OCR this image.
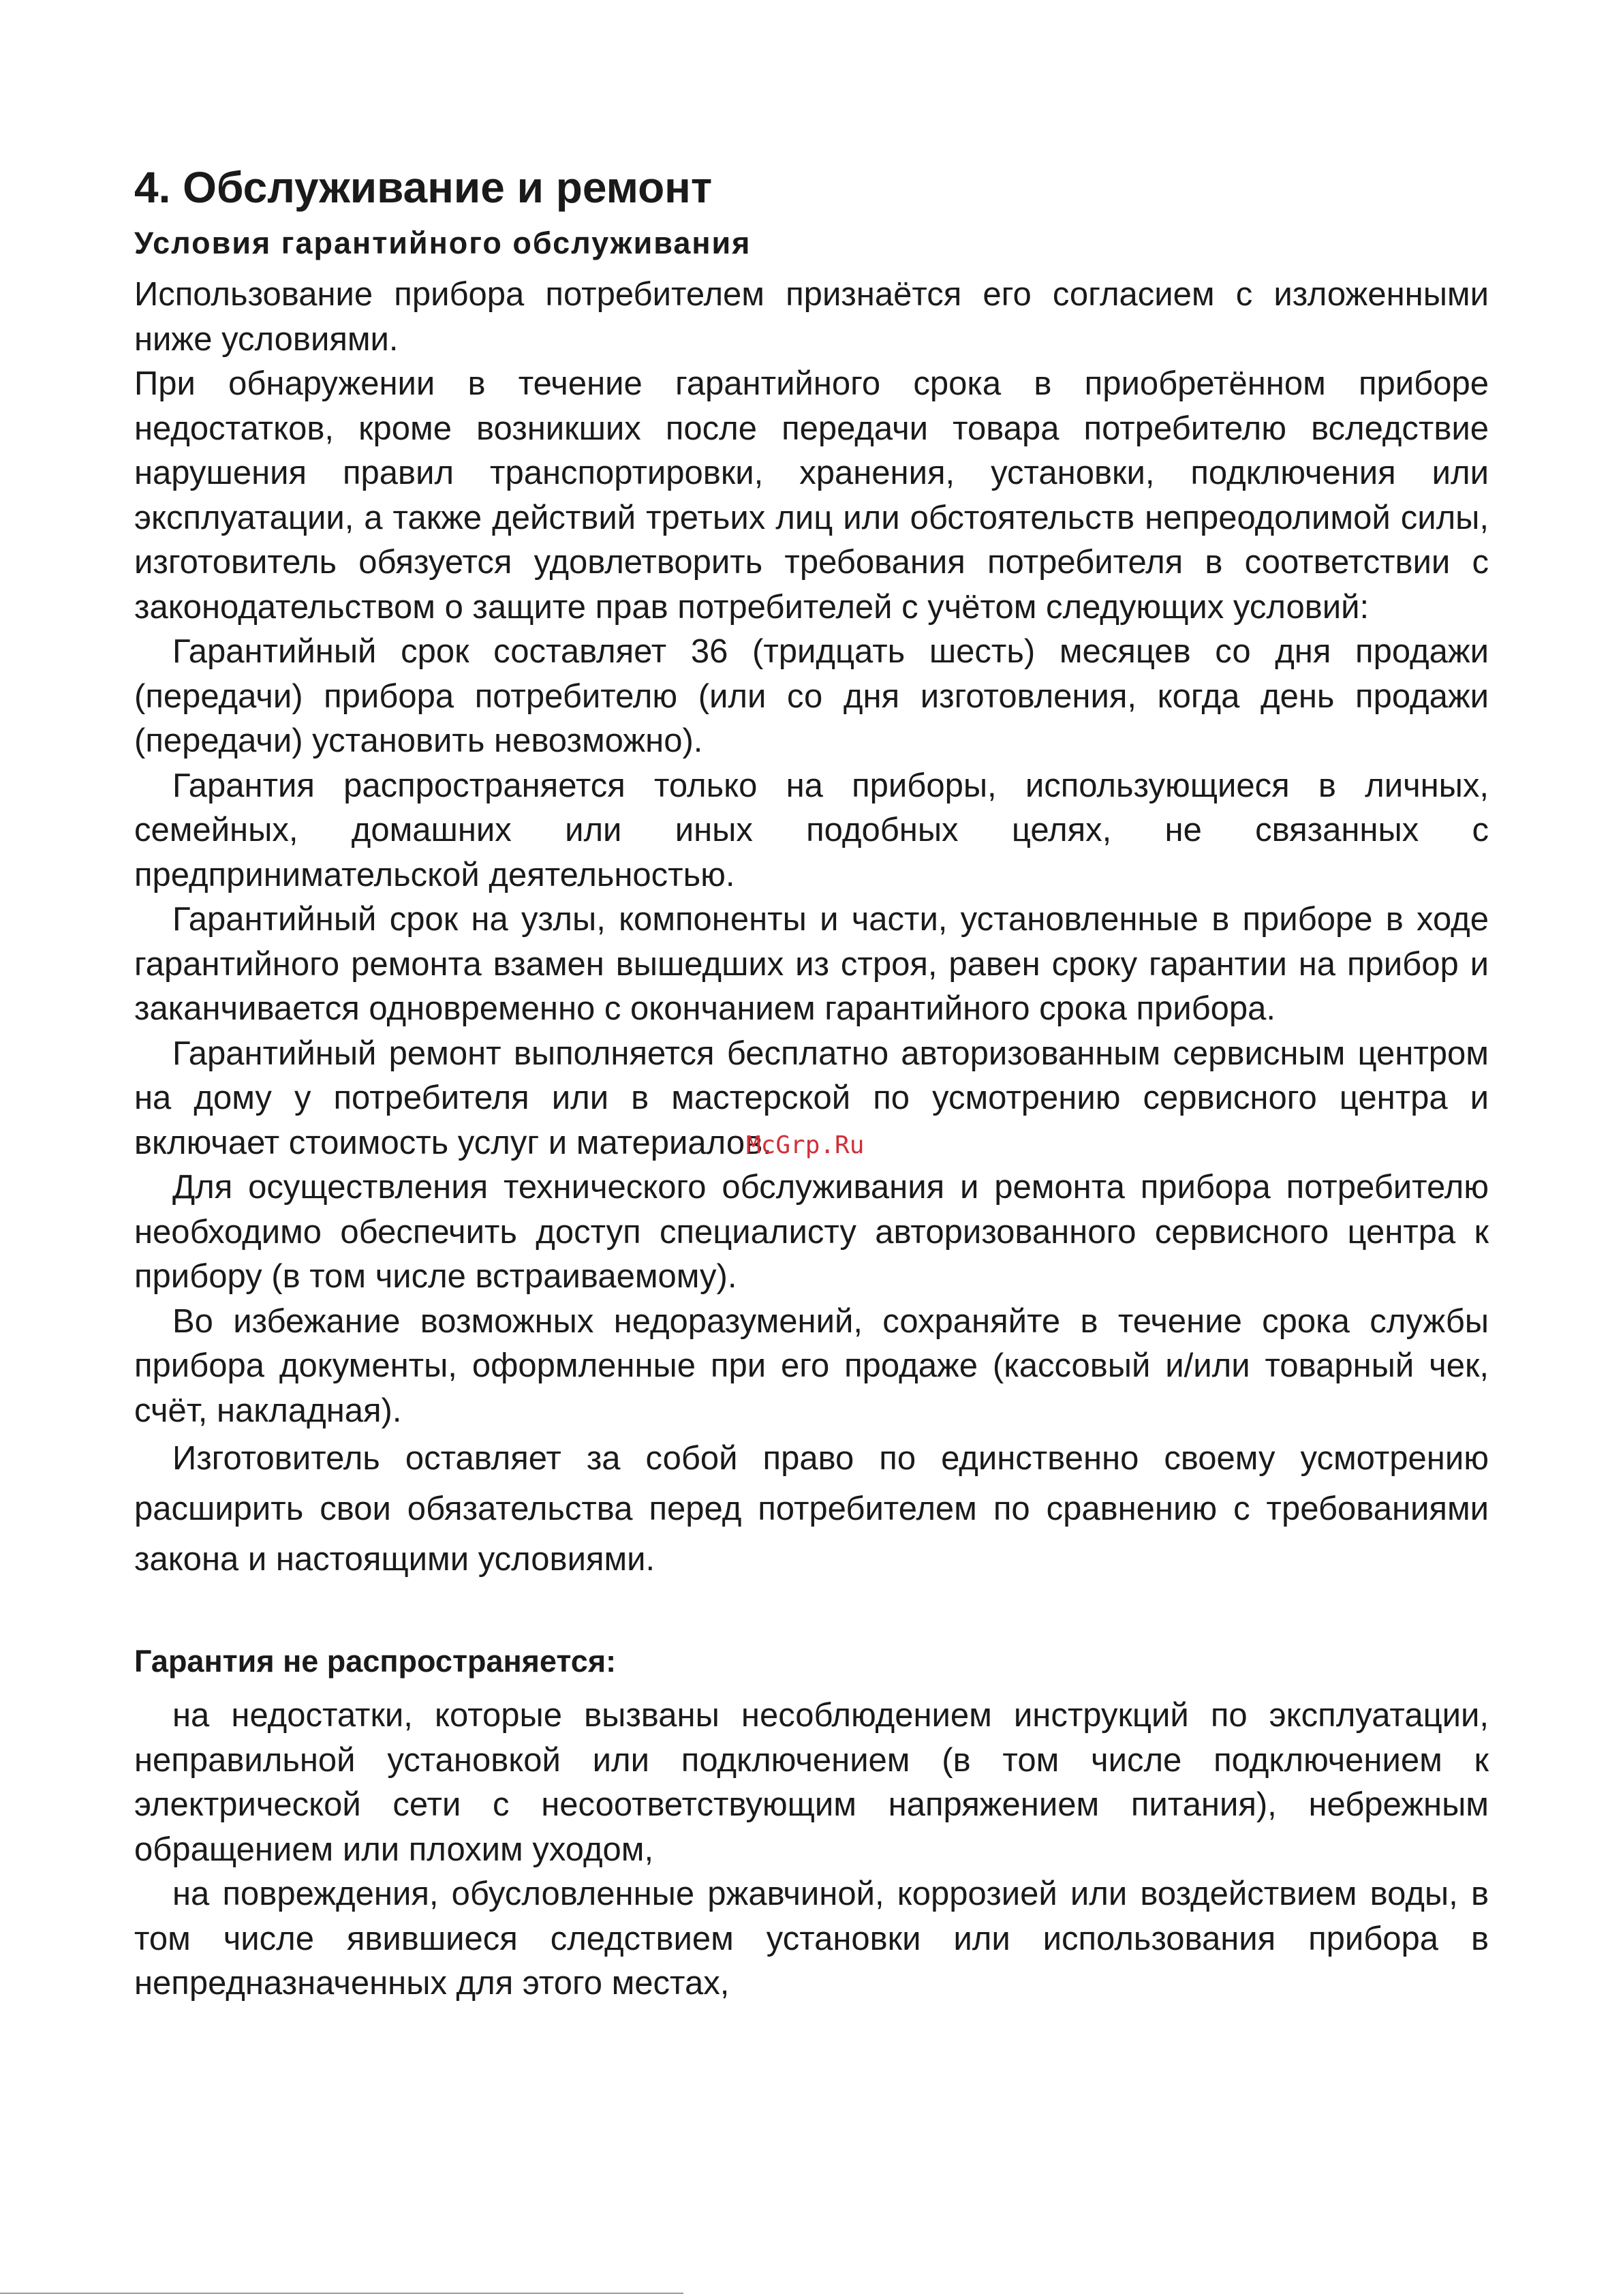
4. Обслуживание и ремонт
Условия гарантийного обслуживания

Использование прибора потребителем признаётся его согласием с изложенными ниже условиями.

При обнаружении в течение гарантийного срока в приобретённом приборе недостатков, кроме возникших после передачи товара потребителю вследствие нарушения правил транспортировки, хранения, установки, подключения или эксплуатации, а также действий третьих лиц или обстоятельств непреодолимой силы, изготовитель обязуется удовлетворить требования потребителя в соответствии с законодательством о защите прав потребителей с учётом следующих условий:

Гарантийный срок составляет 36 (тридцать шесть) месяцев со дня продажи (передачи) прибора потребителю (или со дня изготовления, когда день продажи (передачи) установить невозможно).

Гарантия распространяется только на приборы, использующиеся в личных, семейных, домашних или иных подобных целях, не связанных с предпринимательской деятельностью.

Гарантийный срок на узлы, компоненты и части, установленные в приборе в ходе гарантийного ремонта взамен вышедших из строя, равен сроку гарантии на прибор и заканчивается одновременно с окончанием гарантийного срока прибора.

Гарантийный ремонт выполняется бесплатно авторизованным сервисным центром на дому у потребителя или в мастерской по усмотрению сервисного центра и включает стоимость услуг и материалов.

Для осуществления технического обслуживания и ремонта прибора потребителю необходимо обеспечить доступ специалисту авторизованного сервисного центра к прибору (в том числе встраиваемому).

Во избежание возможных недоразумений, сохраняйте в течение срока службы прибора документы, оформленные при его продаже (кассовый и/или товарный чек, счёт, накладная).

Изготовитель оставляет за собой право по единственно своему усмотрению расширить свои обязательства перед потребителем по сравнению с требованиями закона и настоящими условиями.

Гарантия не распространяется:

на недостатки, которые вызваны несоблюдением инструкций по эксплуатации, неправильной установкой или подключением (в том числе подключением к электрической сети с несоответствующим напряжением питания), небрежным обращением или плохим уходом,

на повреждения, обусловленные ржавчиной, коррозией или воздействием воды, в том числе явившиеся следствием установки или использования прибора в непредназначенных для этого местах,

McGrp.Ru
